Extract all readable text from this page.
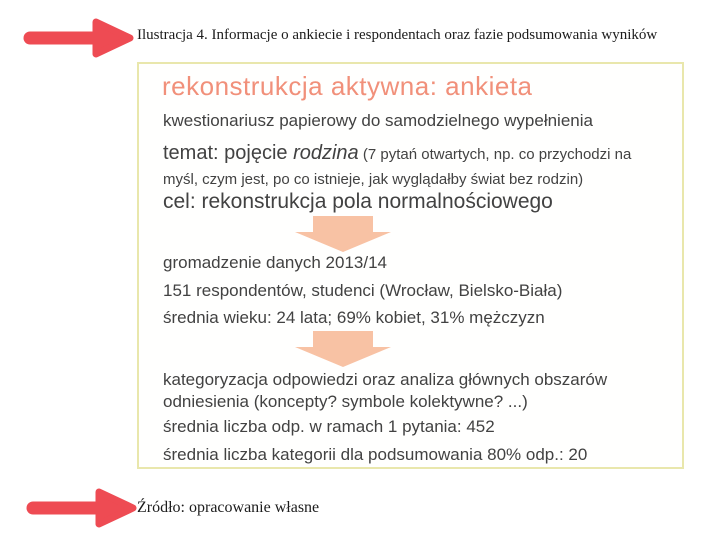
Ilustracja 4. Informacje o ankiecie i respondentach oraz fazie podsumowania wyników
rekonstrukcja aktywna: ankieta

kwestionariusz papierowy do samodzielnego wypełnienia

temat: pojęcie rodzina (7 pytań otwartych, np. co przychodzi na myśl, czym jest, po co istnieje, jak wyglądałby świat bez rodzin)

cel: rekonstrukcja pola normalnościowego

gromadzenie danych 2013/14

151 respondentów, studenci (Wrocław, Bielsko-Biała)

średnia wieku: 24 lata; 69% kobiet, 31% mężczyzn

kategoryzacja odpowiedzi oraz analiza głównych obszarów odniesienia (koncepty? symbole kolektywne? ...)

średnia liczba odp. w ramach 1 pytania: 452

średnia liczba kategorii dla podsumowania 80% odp.: 20

Źródło: opracowanie własne
